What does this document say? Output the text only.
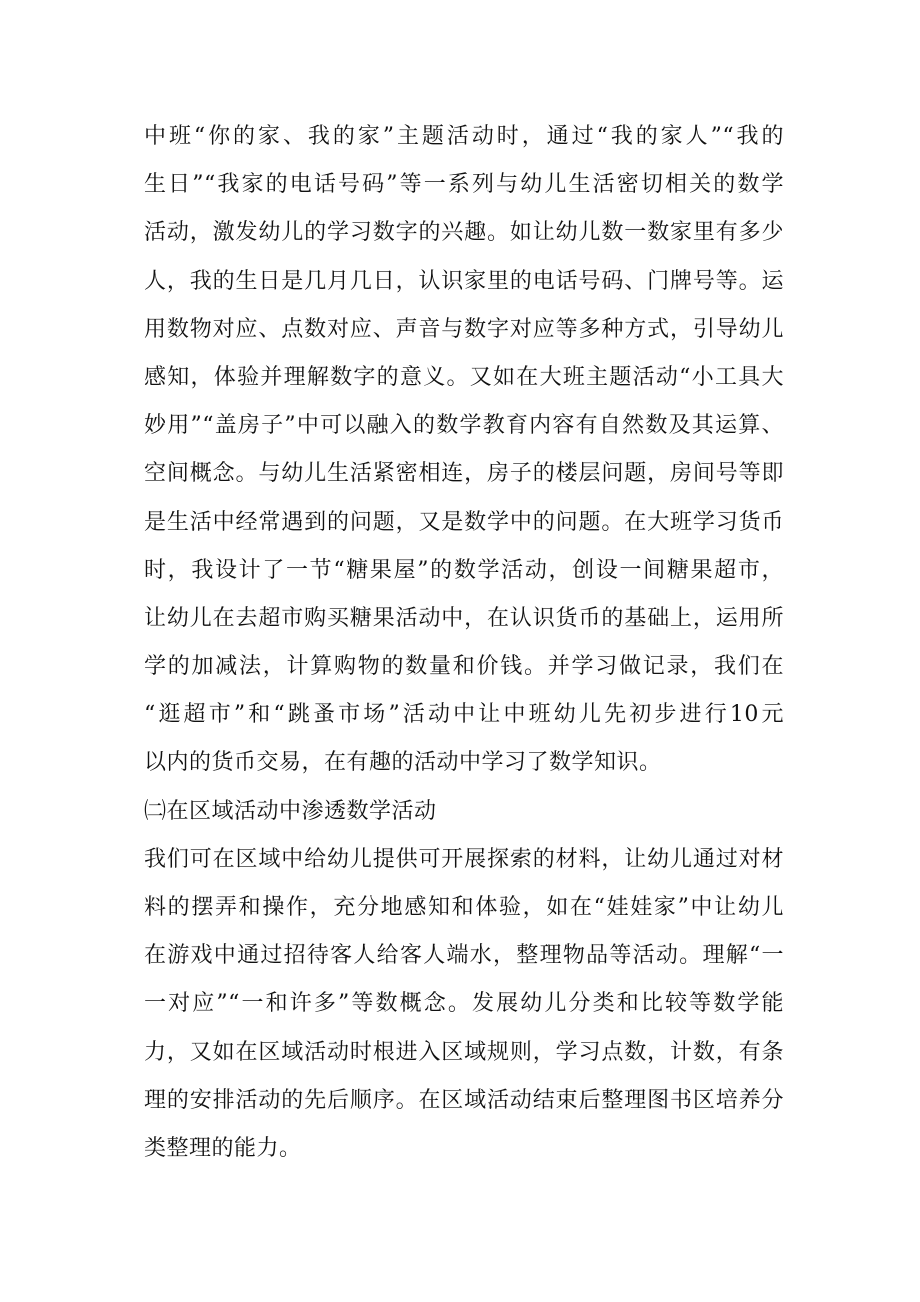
中班“你的家、我的家”主题活动时，通过“我的家人”“我的
生日”“我家的电话号码”等一系列与幼儿生活密切相关的数学
活动，激发幼儿的学习数字的兴趣。如让幼儿数一数家里有多少
人，我的生日是几月几日，认识家里的电话号码、门牌号等。运
用数物对应、点数对应、声音与数字对应等多种方式，引导幼儿
感知，体验并理解数字的意义。又如在大班主题活动“小工具大
妙用”“盖房子”中可以融入的数学教育内容有自然数及其运算、
空间概念。与幼儿生活紧密相连，房子的楼层问题，房间号等即
是生活中经常遇到的问题，又是数学中的问题。在大班学习货币
时，我设计了一节“糖果屋”的数学活动，创设一间糖果超市，
让幼儿在去超市购买糖果活动中，在认识货币的基础上，运用所
学的加减法，计算购物的数量和价钱。并学习做记录，我们在
“逛超市”和“跳蚤市场”活动中让中班幼儿先初步进行10元
以内的货币交易，在有趣的活动中学习了数学知识。
㈡在区域活动中渗透数学活动
我们可在区域中给幼儿提供可开展探索的材料，让幼儿通过对材
料的摆弄和操作，充分地感知和体验，如在“娃娃家”中让幼儿
在游戏中通过招待客人给客人端水，整理物品等活动。理解“一
一对应”“一和许多”等数概念。发展幼儿分类和比较等数学能
力，又如在区域活动时根进入区域规则，学习点数，计数，有条
理的安排活动的先后顺序。在区域活动结束后整理图书区培养分
类整理的能力。
